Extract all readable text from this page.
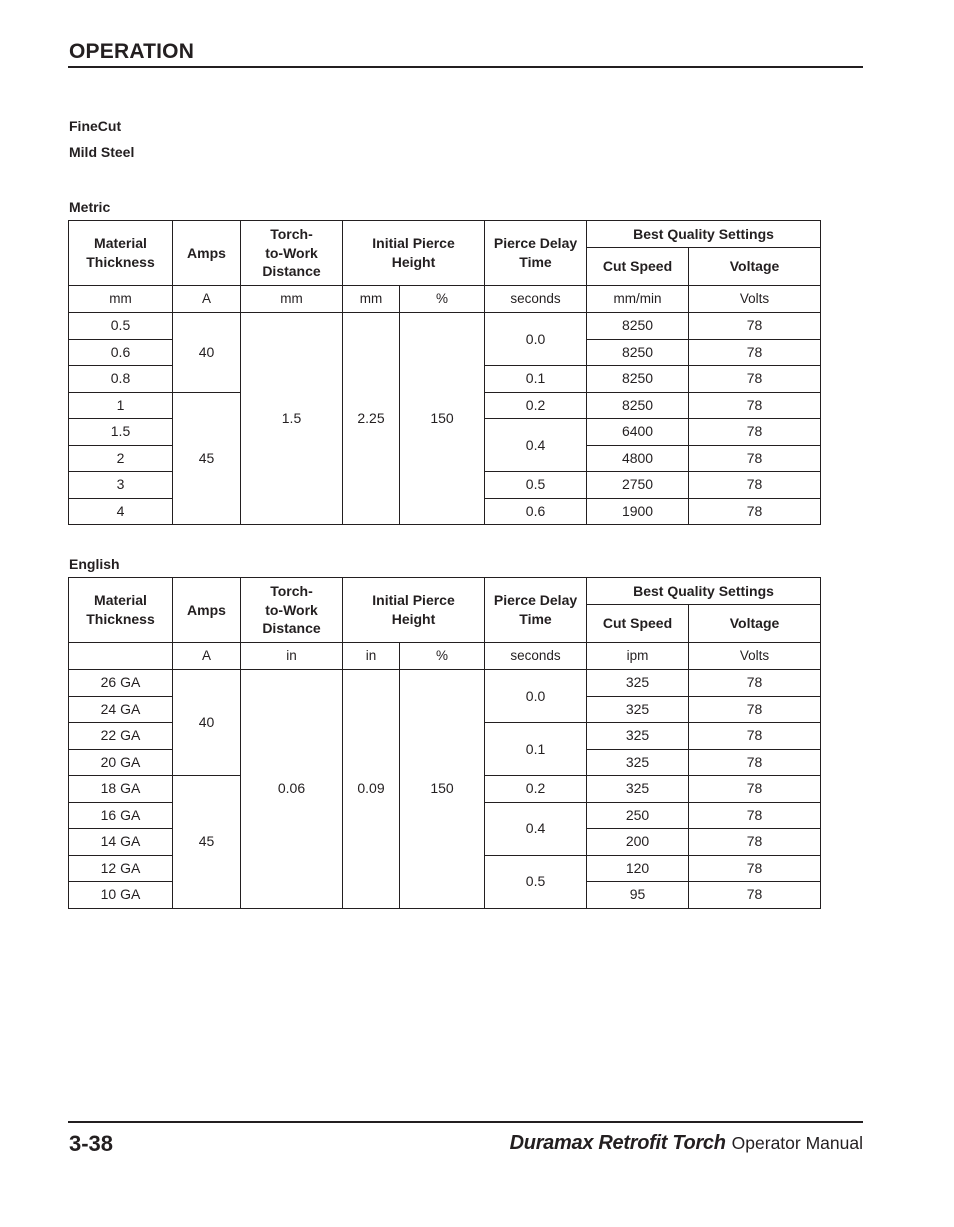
OPERATION
FineCut
Mild Steel
Metric
Material
Thickness	Amps	Torch-
to-Work
Distance	Initial Pierce
Height		Pierce Delay
Time	Best Quality Settings	
						Cut Speed	Voltage
mm	A	mm	mm	%	seconds	mm/min	Volts
0.5	40	1.5	2.25	150	0.0	8250	78
0.6						8250	78
0.8					0.1	8250	78
1	45				0.2	8250	78
1.5					0.4	6400	78
2						4800	78
3					0.5	2750	78
4					0.6	1900	78
English
Material
Thickness	Amps	Torch-
to-Work
Distance	Initial Pierce
Height		Pierce Delay
Time	Best Quality Settings	
						Cut Speed	Voltage
	A	in	in	%	seconds	ipm	Volts
26 GA	40	0.06	0.09	150	0.0	325	78
24 GA						325	78
22 GA					0.1	325	78
20 GA						325	78
18 GA	45				0.2	325	78
16 GA					0.4	250	78
14 GA						200	78
12 GA					0.5	120	78
10 GA						95	78
3-38	Duramax Retrofit Torch Operator Manual
